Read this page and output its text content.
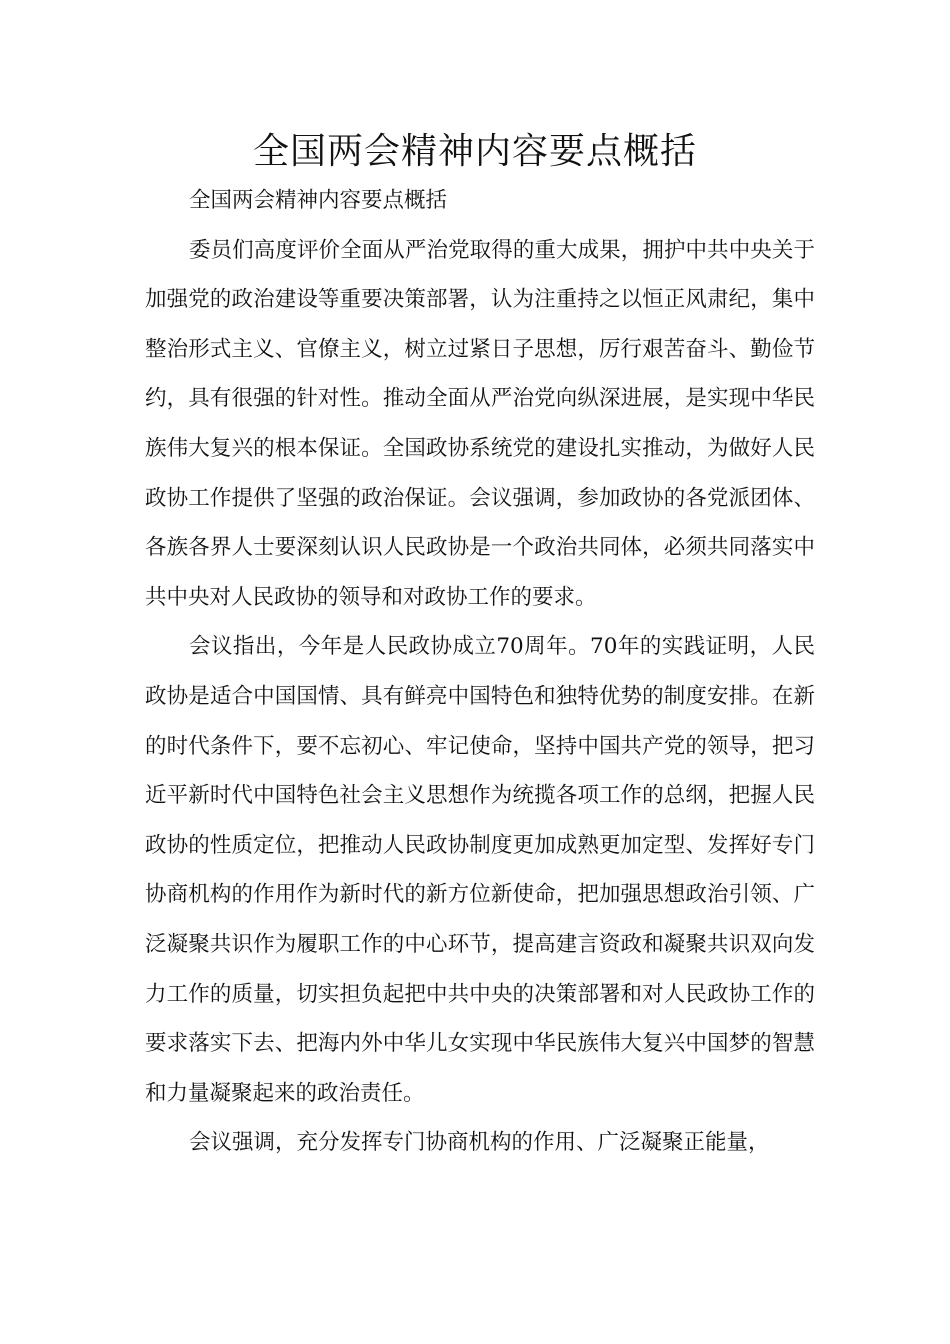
全国两会精神内容要点概括

全国两会精神内容要点概括

委员们高度评价全面从严治党取得的重大成果，拥护中共中央关于加强党的政治建设等重要决策部署，认为注重持之以恒正风肃纪，集中整治形式主义、官僚主义，树立过紧日子思想，厉行艰苦奋斗、勤俭节约，具有很强的针对性。推动全面从严治党向纵深进展，是实现中华民族伟大复兴的根本保证。全国政协系统党的建设扎实推动，为做好人民政协工作提供了坚强的政治保证。会议强调，参加政协的各党派团体、各族各界人士要深刻认识人民政协是一个政治共同体，必须共同落实中共中央对人民政协的领导和对政协工作的要求。

会议指出，今年是人民政协成立70周年。70年的实践证明，人民政协是适合中国国情、具有鲜亮中国特色和独特优势的制度安排。在新的时代条件下，要不忘初心、牢记使命，坚持中国共产党的领导，把习近平新时代中国特色社会主义思想作为统揽各项工作的总纲，把握人民政协的性质定位，把推动人民政协制度更加成熟更加定型、发挥好专门协商机构的作用作为新时代的新方位新使命，把加强思想政治引领、广泛凝聚共识作为履职工作的中心环节，提高建言资政和凝聚共识双向发力工作的质量，切实担负起把中共中央的决策部署和对人民政协工作的要求落实下去、把海内外中华儿女实现中华民族伟大复兴中国梦的智慧和力量凝聚起来的政治责任。

会议强调，充分发挥专门协商机构的作用、广泛凝聚正能量，
